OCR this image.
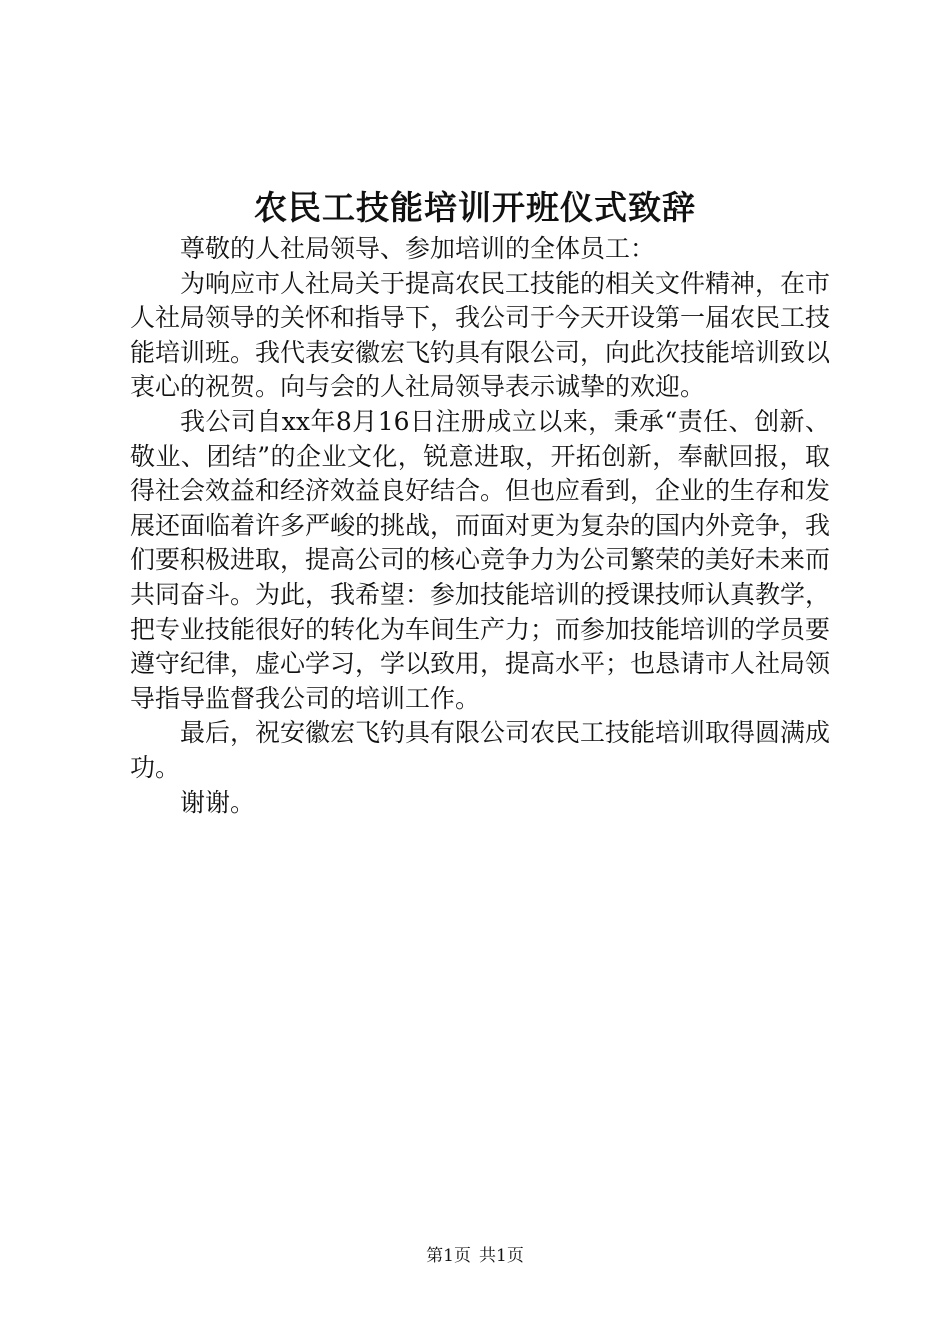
农民工技能培训开班仪式致辞

尊敬的人社局领导、参加培训的全体员工：

为响应市人社局关于提高农民工技能的相关文件精神，在市人社局领导的关怀和指导下，我公司于今天开设第一届农民工技能培训班。我代表安徽宏飞钓具有限公司，向此次技能培训致以衷心的祝贺。向与会的人社局领导表示诚挚的欢迎。

我公司自xx年8月16日注册成立以来，秉承“责任、创新、敬业、团结”的企业文化，锐意进取，开拓创新，奉献回报，取得社会效益和经济效益良好结合。但也应看到，企业的生存和发展还面临着许多严峻的挑战，而面对更为复杂的国内外竞争，我们要积极进取，提高公司的核心竞争力为公司繁荣的美好未来而共同奋斗。为此，我希望：参加技能培训的授课技师认真教学，把专业技能很好的转化为车间生产力；而参加技能培训的学员要遵守纪律，虚心学习，学以致用，提高水平；也恳请市人社局领导指导监督我公司的培训工作。

最后，祝安徽宏飞钓具有限公司农民工技能培训取得圆满成功。

谢谢。

第1页 共1页
